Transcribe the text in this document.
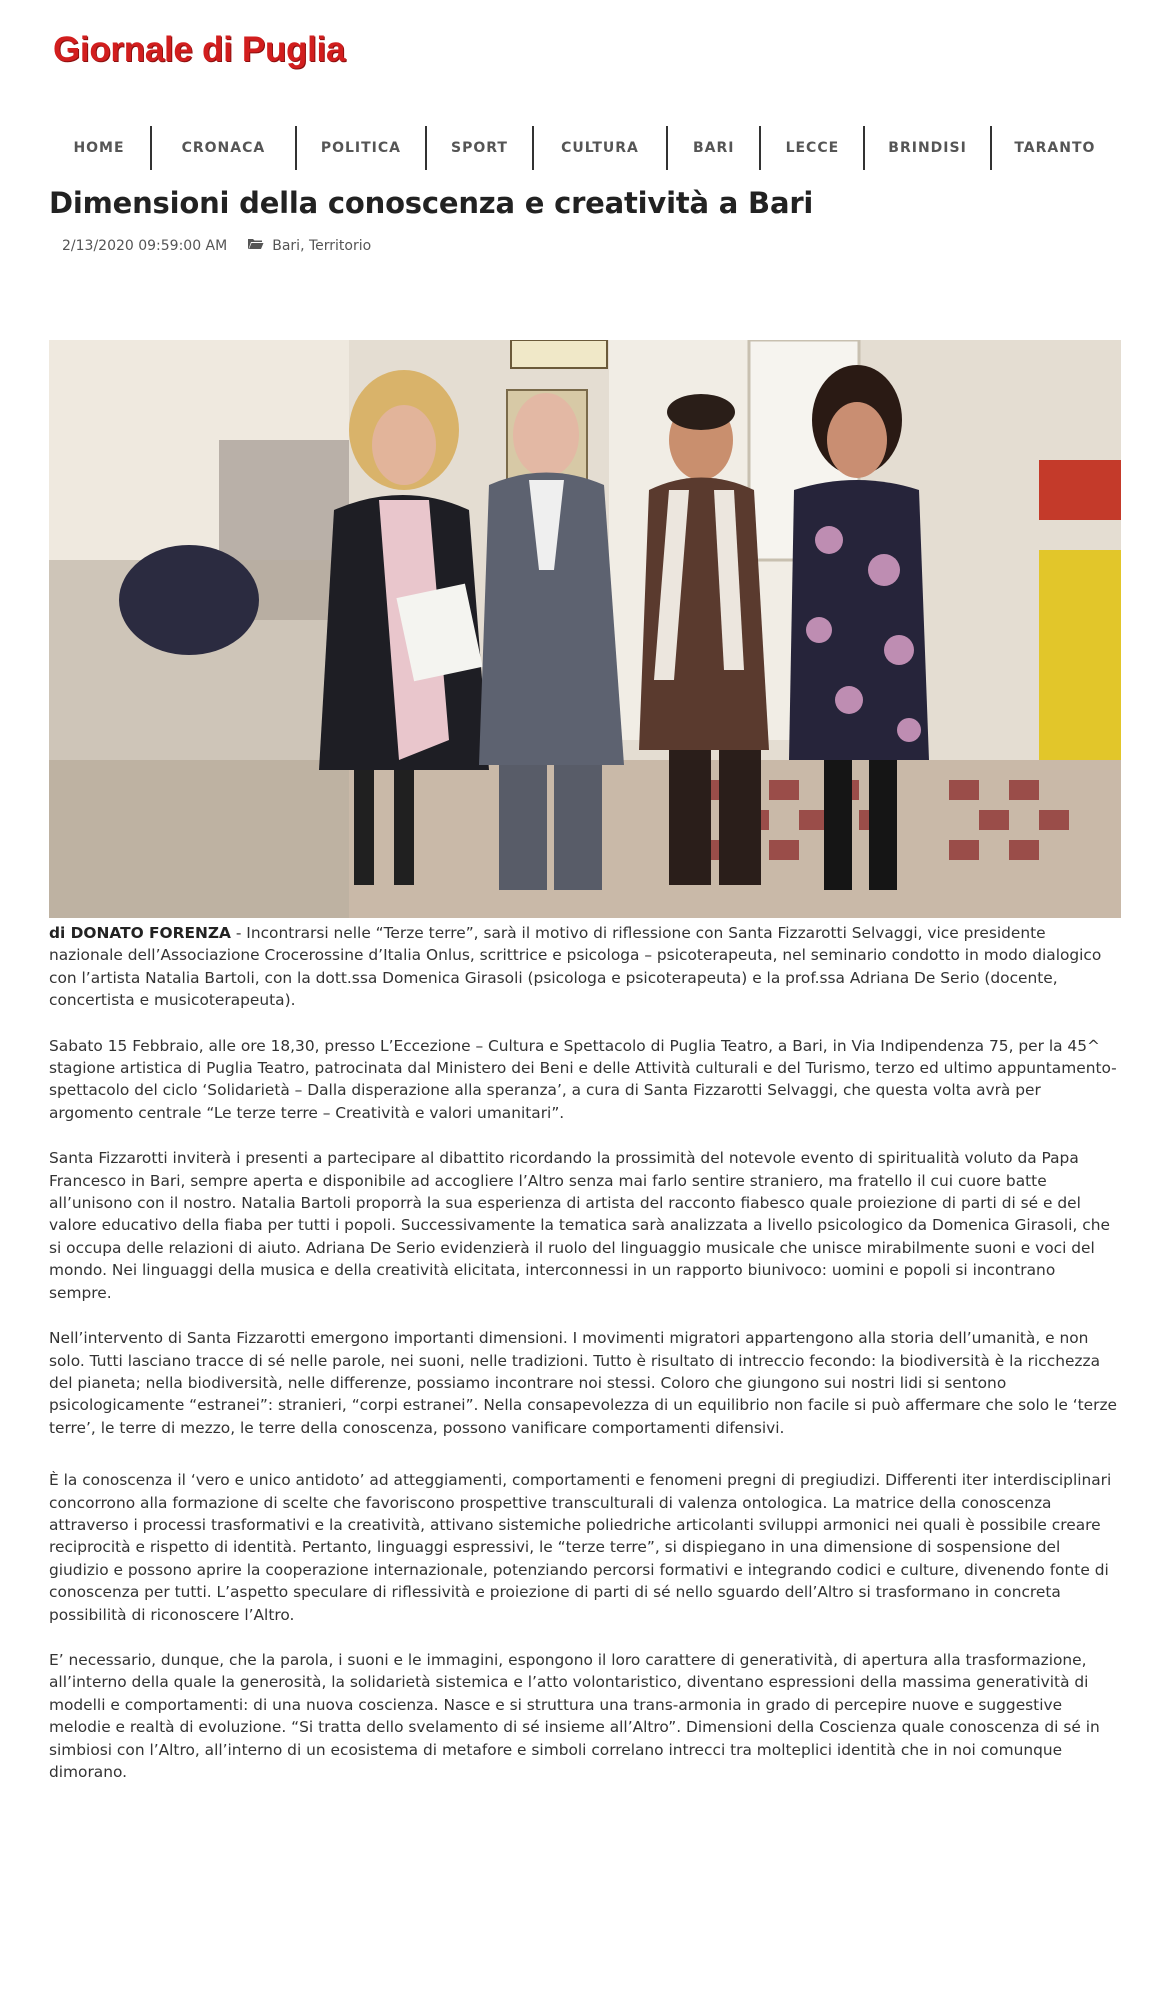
Giornale di Puglia
HOME	CRONACA	POLITICA	SPORT	CULTURA	BARI	LECCE	BRINDISI	TARANTO
Dimensioni della conoscenza e creatività a Bari
2/13/2020 09:59:00 AM	Bari , Territorio

di DONATO FORENZA - Incontrarsi nelle “Terze terre”, sarà il motivo di riflessione con Santa Fizzarotti Selvaggi, vice presidente nazionale dell’Associazione Crocerossine d’Italia Onlus, scrittrice e psicologa – psicoterapeuta, nel seminario condotto in modo dialogico con l’artista Natalia Bartoli, con la dott.ssa Domenica Girasoli (psicologa e psicoterapeuta) e la prof.ssa Adriana De Serio (docente, concertista e musicoterapeuta).

Sabato 15 Febbraio, alle ore 18,30, presso L’Eccezione – Cultura e Spettacolo di Puglia Teatro, a Bari, in Via Indipendenza 75, per la 45^ stagione artistica di Puglia Teatro, patrocinata dal Ministero dei Beni e delle Attività culturali e del Turismo, terzo ed ultimo appuntamento-spettacolo del ciclo ‘Solidarietà – Dalla disperazione alla speranza’, a cura di Santa Fizzarotti Selvaggi, che questa volta avrà per argomento centrale “Le terze terre – Creatività e valori umanitari”.

Santa Fizzarotti inviterà i presenti a partecipare al dibattito ricordando la prossimità del notevole evento di spiritualità voluto da Papa Francesco in Bari, sempre aperta e disponibile ad accogliere l’Altro senza mai farlo sentire straniero, ma fratello il cui cuore batte all’unisono con il nostro. Natalia Bartoli proporrà la sua esperienza di artista del racconto fiabesco quale proiezione di parti di sé e del valore educativo della fiaba per tutti i popoli. Successivamente la tematica sarà analizzata a livello psicologico da Domenica Girasoli, che si occupa delle relazioni di aiuto. Adriana De Serio evidenzierà il ruolo del linguaggio musicale che unisce mirabilmente suoni e voci del mondo. Nei linguaggi della musica e della creatività elicitata, interconnessi in un rapporto biunivoco: uomini e popoli si incontrano sempre.

Nell’intervento di Santa Fizzarotti emergono importanti dimensioni. I movimenti migratori appartengono alla storia dell’umanità, e non solo. Tutti lasciano tracce di sé nelle parole, nei suoni, nelle tradizioni. Tutto è risultato di intreccio fecondo: la biodiversità è la ricchezza del pianeta; nella biodiversità, nelle differenze, possiamo incontrare noi stessi. Coloro che giungono sui nostri lidi si sentono psicologicamente “estranei”: stranieri, “corpi estranei”. Nella consapevolezza di un equilibrio non facile si può affermare che solo le ‘terze terre’, le terre di mezzo, le terre della conoscenza, possono vanificare comportamenti difensivi.

È la conoscenza il ‘vero e unico antidoto’ ad atteggiamenti, comportamenti e fenomeni pregni di pregiudizi. Differenti iter interdisciplinari concorrono alla formazione di scelte che favoriscono prospettive transculturali di valenza ontologica. La matrice della conoscenza attraverso i processi trasformativi e la creatività, attivano sistemiche poliedriche articolanti sviluppi armonici nei quali è possibile creare reciprocità e rispetto di identità. Pertanto, linguaggi espressivi, le “terze terre”, si dispiegano in una dimensione di sospensione del giudizio e possono aprire la cooperazione internazionale, potenziando percorsi formativi e integrando codici e culture, divenendo fonte di conoscenza per tutti. L’aspetto speculare di riflessività e proiezione di parti di sé nello sguardo dell’Altro si trasformano in concreta possibilità di riconoscere l’Altro.

E’ necessario, dunque, che la parola, i suoni e le immagini, espongono il loro carattere di generatività, di apertura alla trasformazione, all’interno della quale la generosità, la solidarietà sistemica e l’atto volontaristico, diventano espressioni della massima generatività di modelli e comportamenti: di una nuova coscienza. Nasce e si struttura una trans-armonia in grado di percepire nuove e suggestive melodie e realtà di evoluzione. “Si tratta dello svelamento di sé insieme all’Altro”. Dimensioni della Coscienza quale conoscenza di sé in simbiosi con l’Altro, all’interno di un ecosistema di metafore e simboli correlano intrecci tra molteplici identità che in noi comunque dimorano.
